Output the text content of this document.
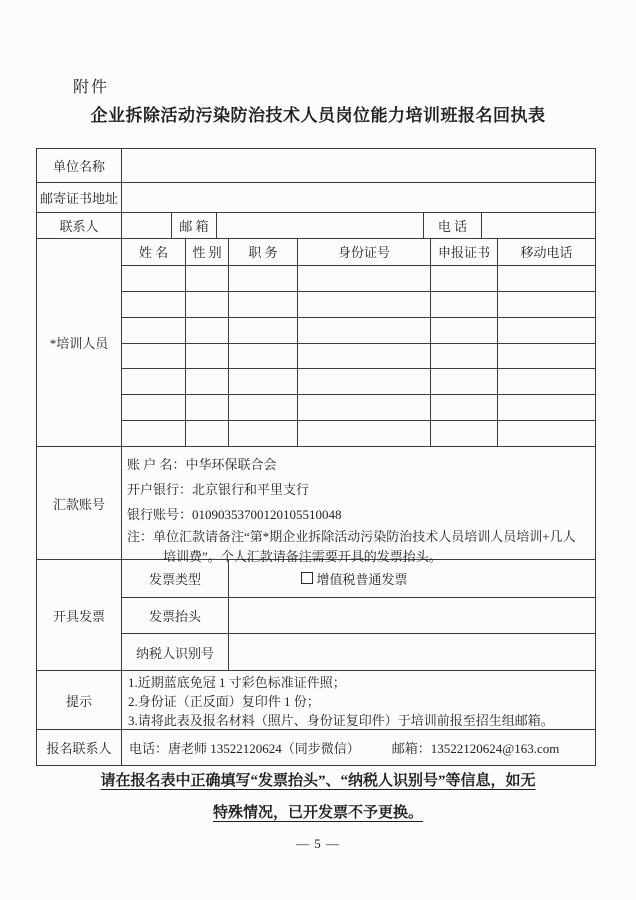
附件
企业拆除活动污染防治技术人员岗位能力培训班报名回执表
单位名称
邮寄证书地址
联系人	邮 箱	电 话
*培训人员
姓 名	性 别	职 务	身份证号	申报证书	移动电话
汇款账号
账 户 名：中华环保联合会
开户银行：北京银行和平里支行
银行账号：01090353700120105510048
注：单位汇款请备注“第*期企业拆除活动污染防治技术人员培训人员培训+几人
培训费”。个人汇款请备注需要开具的发票抬头。
开具发票
发票类型	增值税普通发票
发票抬头
纳税人识别号
提示
1.近期蓝底免冠 1 寸彩色标准证件照；
2.身份证（正反面）复印件 1 份；
3.请将此表及报名材料（照片、身份证复印件）于培训前报至招生组邮箱。
报名联系人	电话：唐老师 13522120624（同步微信） 邮箱：13522120624@163.com
请在报名表中正确填写“发票抬头”、“纳税人识别号”等信息，如无
特殊情况，已开发票不予更换。
— 5 —
